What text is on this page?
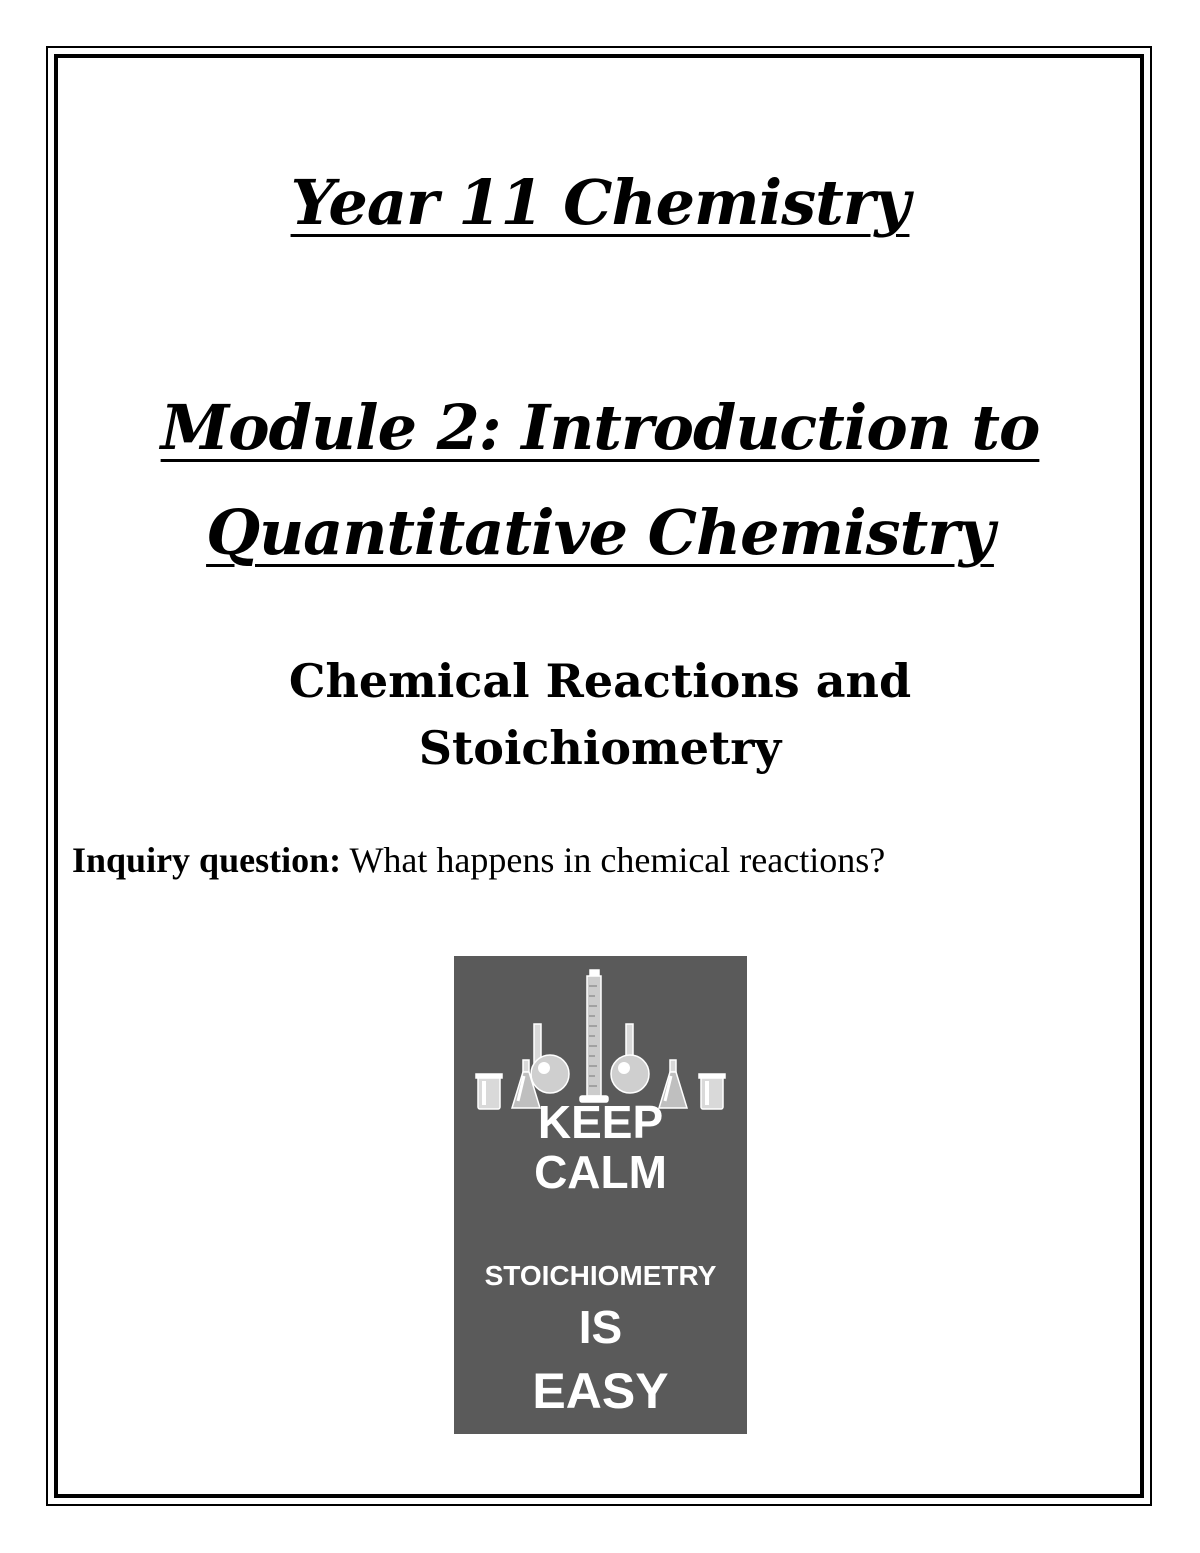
Year 11 Chemistry
Module 2: Introduction to
Quantitative Chemistry
Chemical Reactions and
Stoichiometry
Inquiry question: What happens in chemical reactions?
KEEP
CALM
STOICHIOMETRY
IS
EASY
